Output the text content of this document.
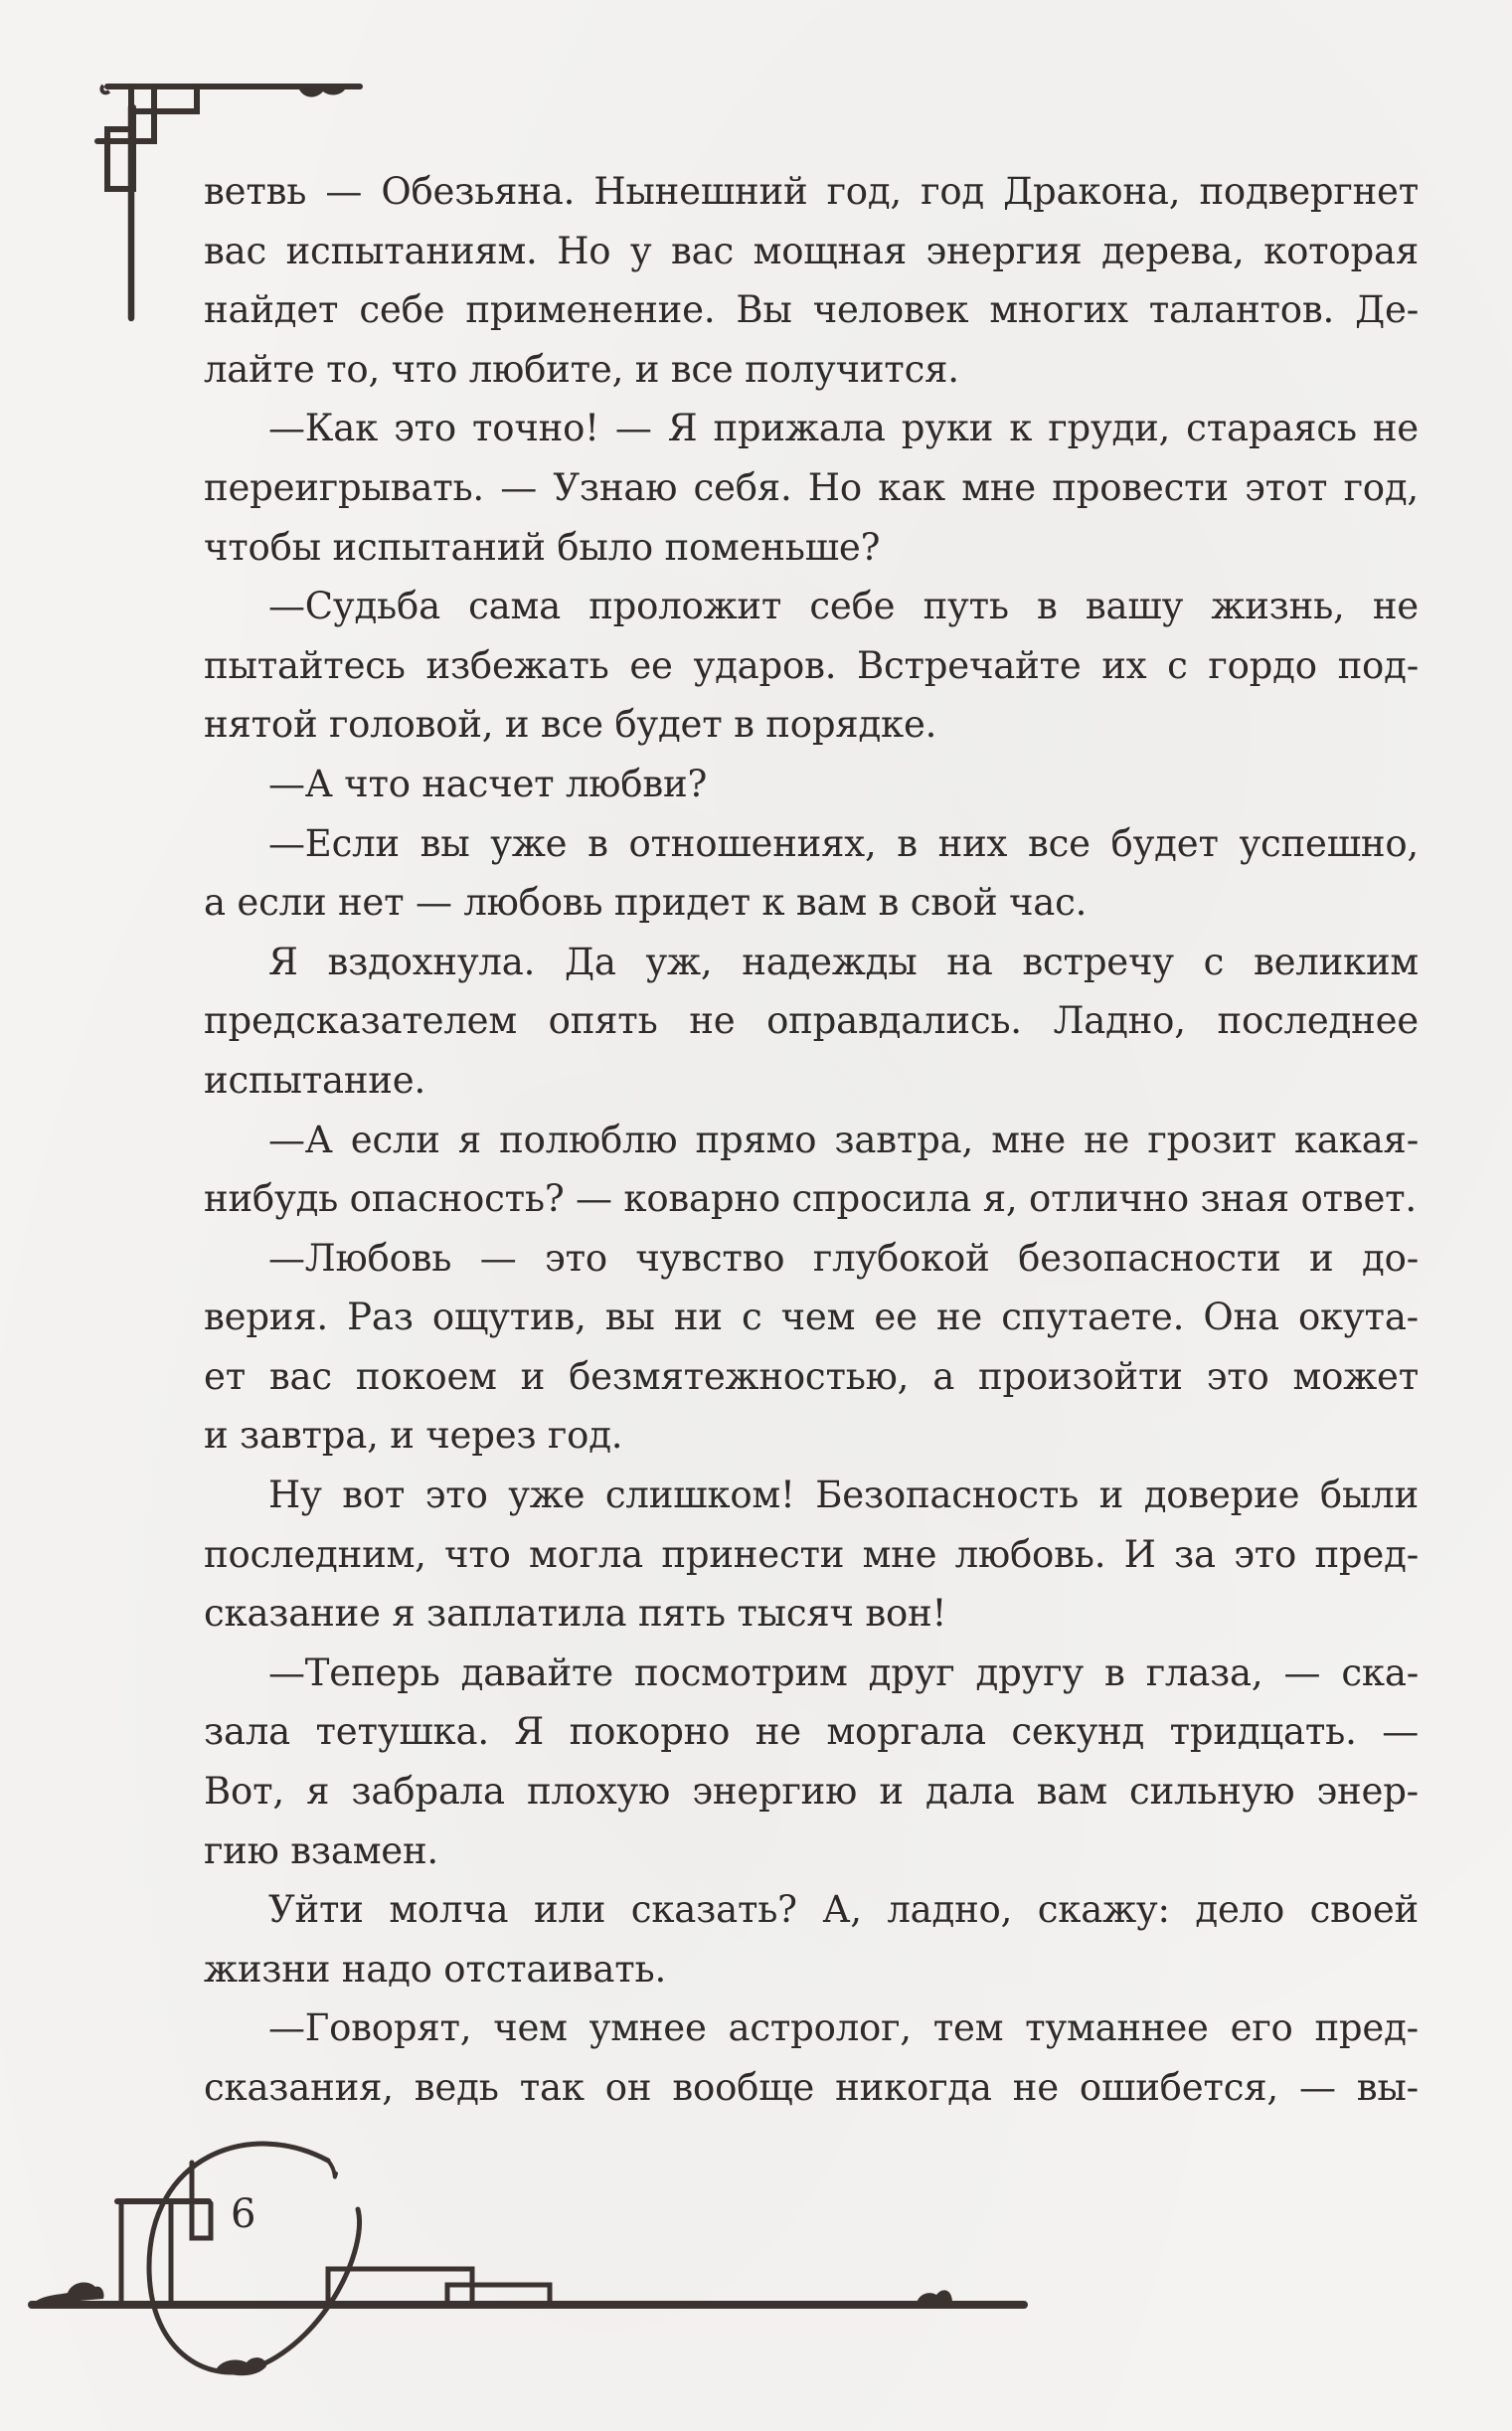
ветвь — Обезьяна. Нынешний год, год Дракона, подвергнет
вас испытаниям. Но у вас мощная энергия дерева, которая
найдет себе применение. Вы человек многих талантов. Де-
лайте то, что любите, и все получится.
—Как это точно! — Я прижала руки к груди, стараясь не
переигрывать. — Узнаю себя. Но как мне провести этот год,
чтобы испытаний было поменьше?
—Судьба сама проложит себе путь в вашу жизнь, не
пытайтесь избежать ее ударов. Встречайте их с гордо под-
нятой головой, и все будет в порядке.
—А что насчет любви?
—Если вы уже в отношениях, в них все будет успешно,
а если нет — любовь придет к вам в свой час.
Я вздохнула. Да уж, надежды на встречу с великим
предсказателем опять не оправдались. Ладно, последнее
испытание.
—А если я полюблю прямо завтра, мне не грозит какая-
нибудь опасность? — коварно спросила я, отлично зная ответ.
—Любовь — это чувство глубокой безопасности и до-
верия. Раз ощутив, вы ни с чем ее не спутаете. Она окута-
ет вас покоем и безмятежностью, а произойти это может
и завтра, и через год.
Ну вот это уже слишком! Безопасность и доверие были
последним, что могла принести мне любовь. И за это пред-
сказание я заплатила пять тысяч вон!
—Теперь давайте посмотрим друг другу в глаза, — ска-
зала тетушка. Я покорно не моргала секунд тридцать. —
Вот, я забрала плохую энергию и дала вам сильную энер-
гию взамен.
Уйти молча или сказать? А, ладно, скажу: дело своей
жизни надо отстаивать.
—Говорят, чем умнее астролог, тем туманнее его пред-
сказания, ведь так он вообще никогда не ошибется, — вы-
6
